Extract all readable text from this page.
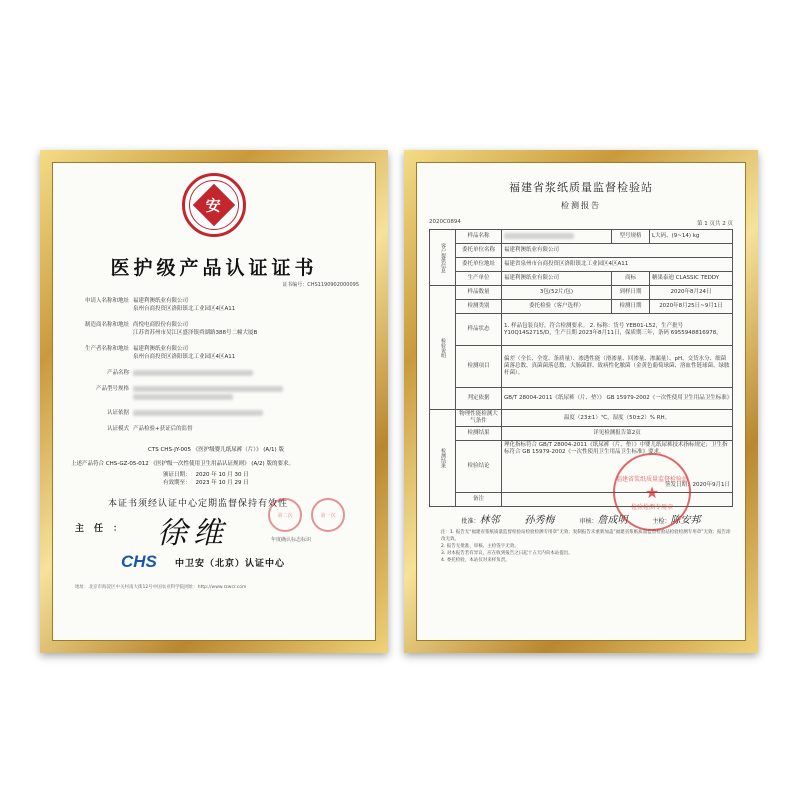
安
医护级产品认证证书
证书编号：CHS1190902000095
申请人名称和地址 福建利澳纸业有限公司
泉州台商投资区洛阳镇北工业园区4区A11
制造商名称和地址 尚悦电商股份有限公司
江苏省苏州市吴江区盛泽镇舜湖路388号二幢大厦B
生产者名称和地址 福建利澳纸业有限公司
泉州台商投资区洛阳镇北工业园区4区A11
产品名称
产品型号规格

认证依据
认证模式 产品检验+获证后的监督
CTS CHS-JY-005 《医护级婴儿纸尿裤（片）》 (A/1) 版
上述产品符合 CHS-GZ-05-012 《医护级一次性使用卫生用品认证规则》 (A/2) 版的要求。
颁证日期： 2020 年 10 月 30 日
有效期至： 2023 年 10 月 29 日
本证书须经认证中心定期监督保持有效性
主任： 徐维
第二次	第一次
年度确认标志标识
CHS 中卫安（北京）认证中心
地址：北京市海淀区中关村南大街12号中国农业科学院网址：http://www.rzwcr.com
福建省浆纸质量监督检验站
检测报告
2020C0894	第 1 页共 2 页
客户提供信息	样品名称		型号规格	L大码、(9~14) kg
	委托单位名称	福建利澳纸业有限公司		
	委托单位地址	福建省泉州市台商投资区洛阳镇北工业园区4区A11		
	生产单位	福建利澳纸业有限公司	商标	糖果泰迪 CLASSIC TEDDY
检验说明	样品数量	3包(52片/包)	到样日期	2020年8月24日
	检测类别	委托检验（客户选样）	检测日期	2020年8月25日~9月1日
	样品状态	1. 样品包装良好，符合检测要求。 2. 标称：货号 YEB01-L52，生产批号 Y10Q14S2715/D，生产日期 2023年8月11日，保质期三年，条码 6955948816978。		
	检测项目	偏差（全长、全宽、条质量）、渗透性能（滑渗量、回渗量、渗漏量）、pH、交货水分、细菌菌落总数、真菌菌落总数、大肠菌群、致病性化脓菌（金黄色葡萄球菌、溶血性链球菌、绿脓杆菌）。		
	判定依据	GB/T 28004-2011《纸尿裤（片、垫）》 GB 15979-2002《一次性使用卫生用品卫生标准》		
检测结果	物理性能检测大气条件	温度（23±1）℃，湿度（50±2）% RH。		
	检测结果	详见检测报告第2页		
	检验结论	理化指标符合 GB/T 28004-2011《纸尿裤（片、垫）》中婴儿纸尿裤技术指标规定；卫生指标符合 GB 15979-2002《一次性使用卫生用品卫生标准》要求。
签发日期：2020年9月1日		

	备注			
福建省浆纸质量监督检验站
★
检验检测专用章
批准：林邻 孙秀梅	审核：詹成明	主检：陈安邦
注：1. 报告无“福建省浆纸质量监督检验站检验检测专用章”无效；复制报告未重新加盖“福建省浆纸质量监督检验站检验检测专用章”无效；报告涂改无效。
2. 报告无批准、审核、主检签字无效。
3. 对本报告若有异议，应在收到报告之日起十五天内向本站提出。
4. 委托检验，本站仅对来样负责。
